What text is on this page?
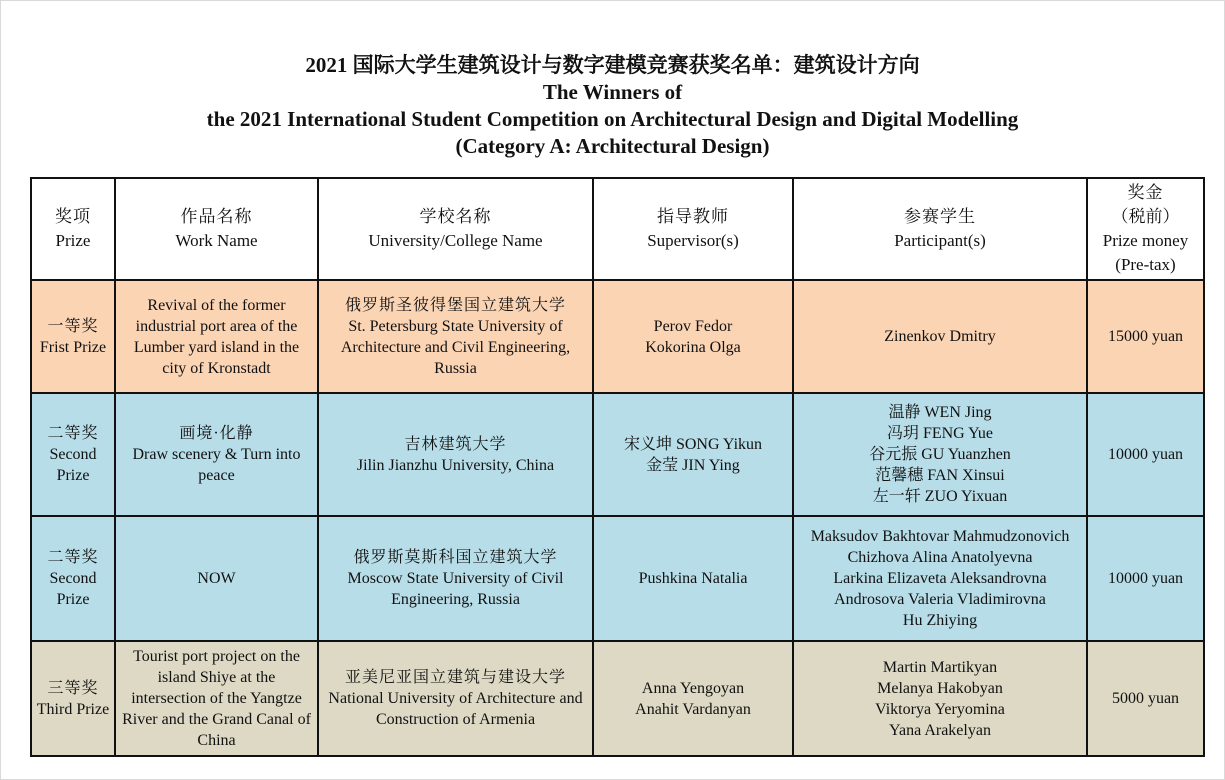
2021 国际大学生建筑设计与数字建模竞赛获奖名单：建筑设计方向
The Winners of
the 2021 International Student Competition on Architectural Design and Digital Modelling
(Category A: Architectural Design)
奖项
Prize	作品名称
Work Name	学校名称
University/College Name	指导教师
Supervisor(s)	参赛学生
Participant(s)	奖金
（税前）
Prize money
(Pre-tax)

一等奖
Frist Prize	Revival of the former industrial port area of the Lumber yard island in the city of Kronstadt	俄罗斯圣彼得堡国立建筑大学
St. Petersburg State University of Architecture and Civil Engineering, Russia	Perov Fedor
Kokorina Olga	Zinenkov Dmitry	15000 yuan

二等奖
Second Prize	画境·化静
Draw scenery & Turn into peace	吉林建筑大学
Jilin Jianzhu University, China	宋义坤 SONG Yikun
金莹 JIN Ying	温静 WEN Jing
冯玥 FENG Yue
谷元振 GU Yuanzhen
范馨穗 FAN Xinsui
左一轩 ZUO Yixuan	10000 yuan

二等奖
Second Prize	NOW	俄罗斯莫斯科国立建筑大学
Moscow State University of Civil Engineering, Russia	Pushkina Natalia	Maksudov Bakhtovar Mahmudzonovich
Chizhova Alina Anatolyevna
Larkina Elizaveta Aleksandrovna
Androsova Valeria Vladimirovna
Hu Zhiying	10000 yuan

三等奖
Third Prize	Tourist port project on the island Shiye at the intersection of the Yangtze River and the Grand Canal of China	亚美尼亚国立建筑与建设大学
National University of Architecture and Construction of Armenia	Anna Yengoyan
Anahit Vardanyan	Martin Martikyan
Melanya Hakobyan
Viktorya Yeryomina
Yana Arakelyan	5000 yuan
